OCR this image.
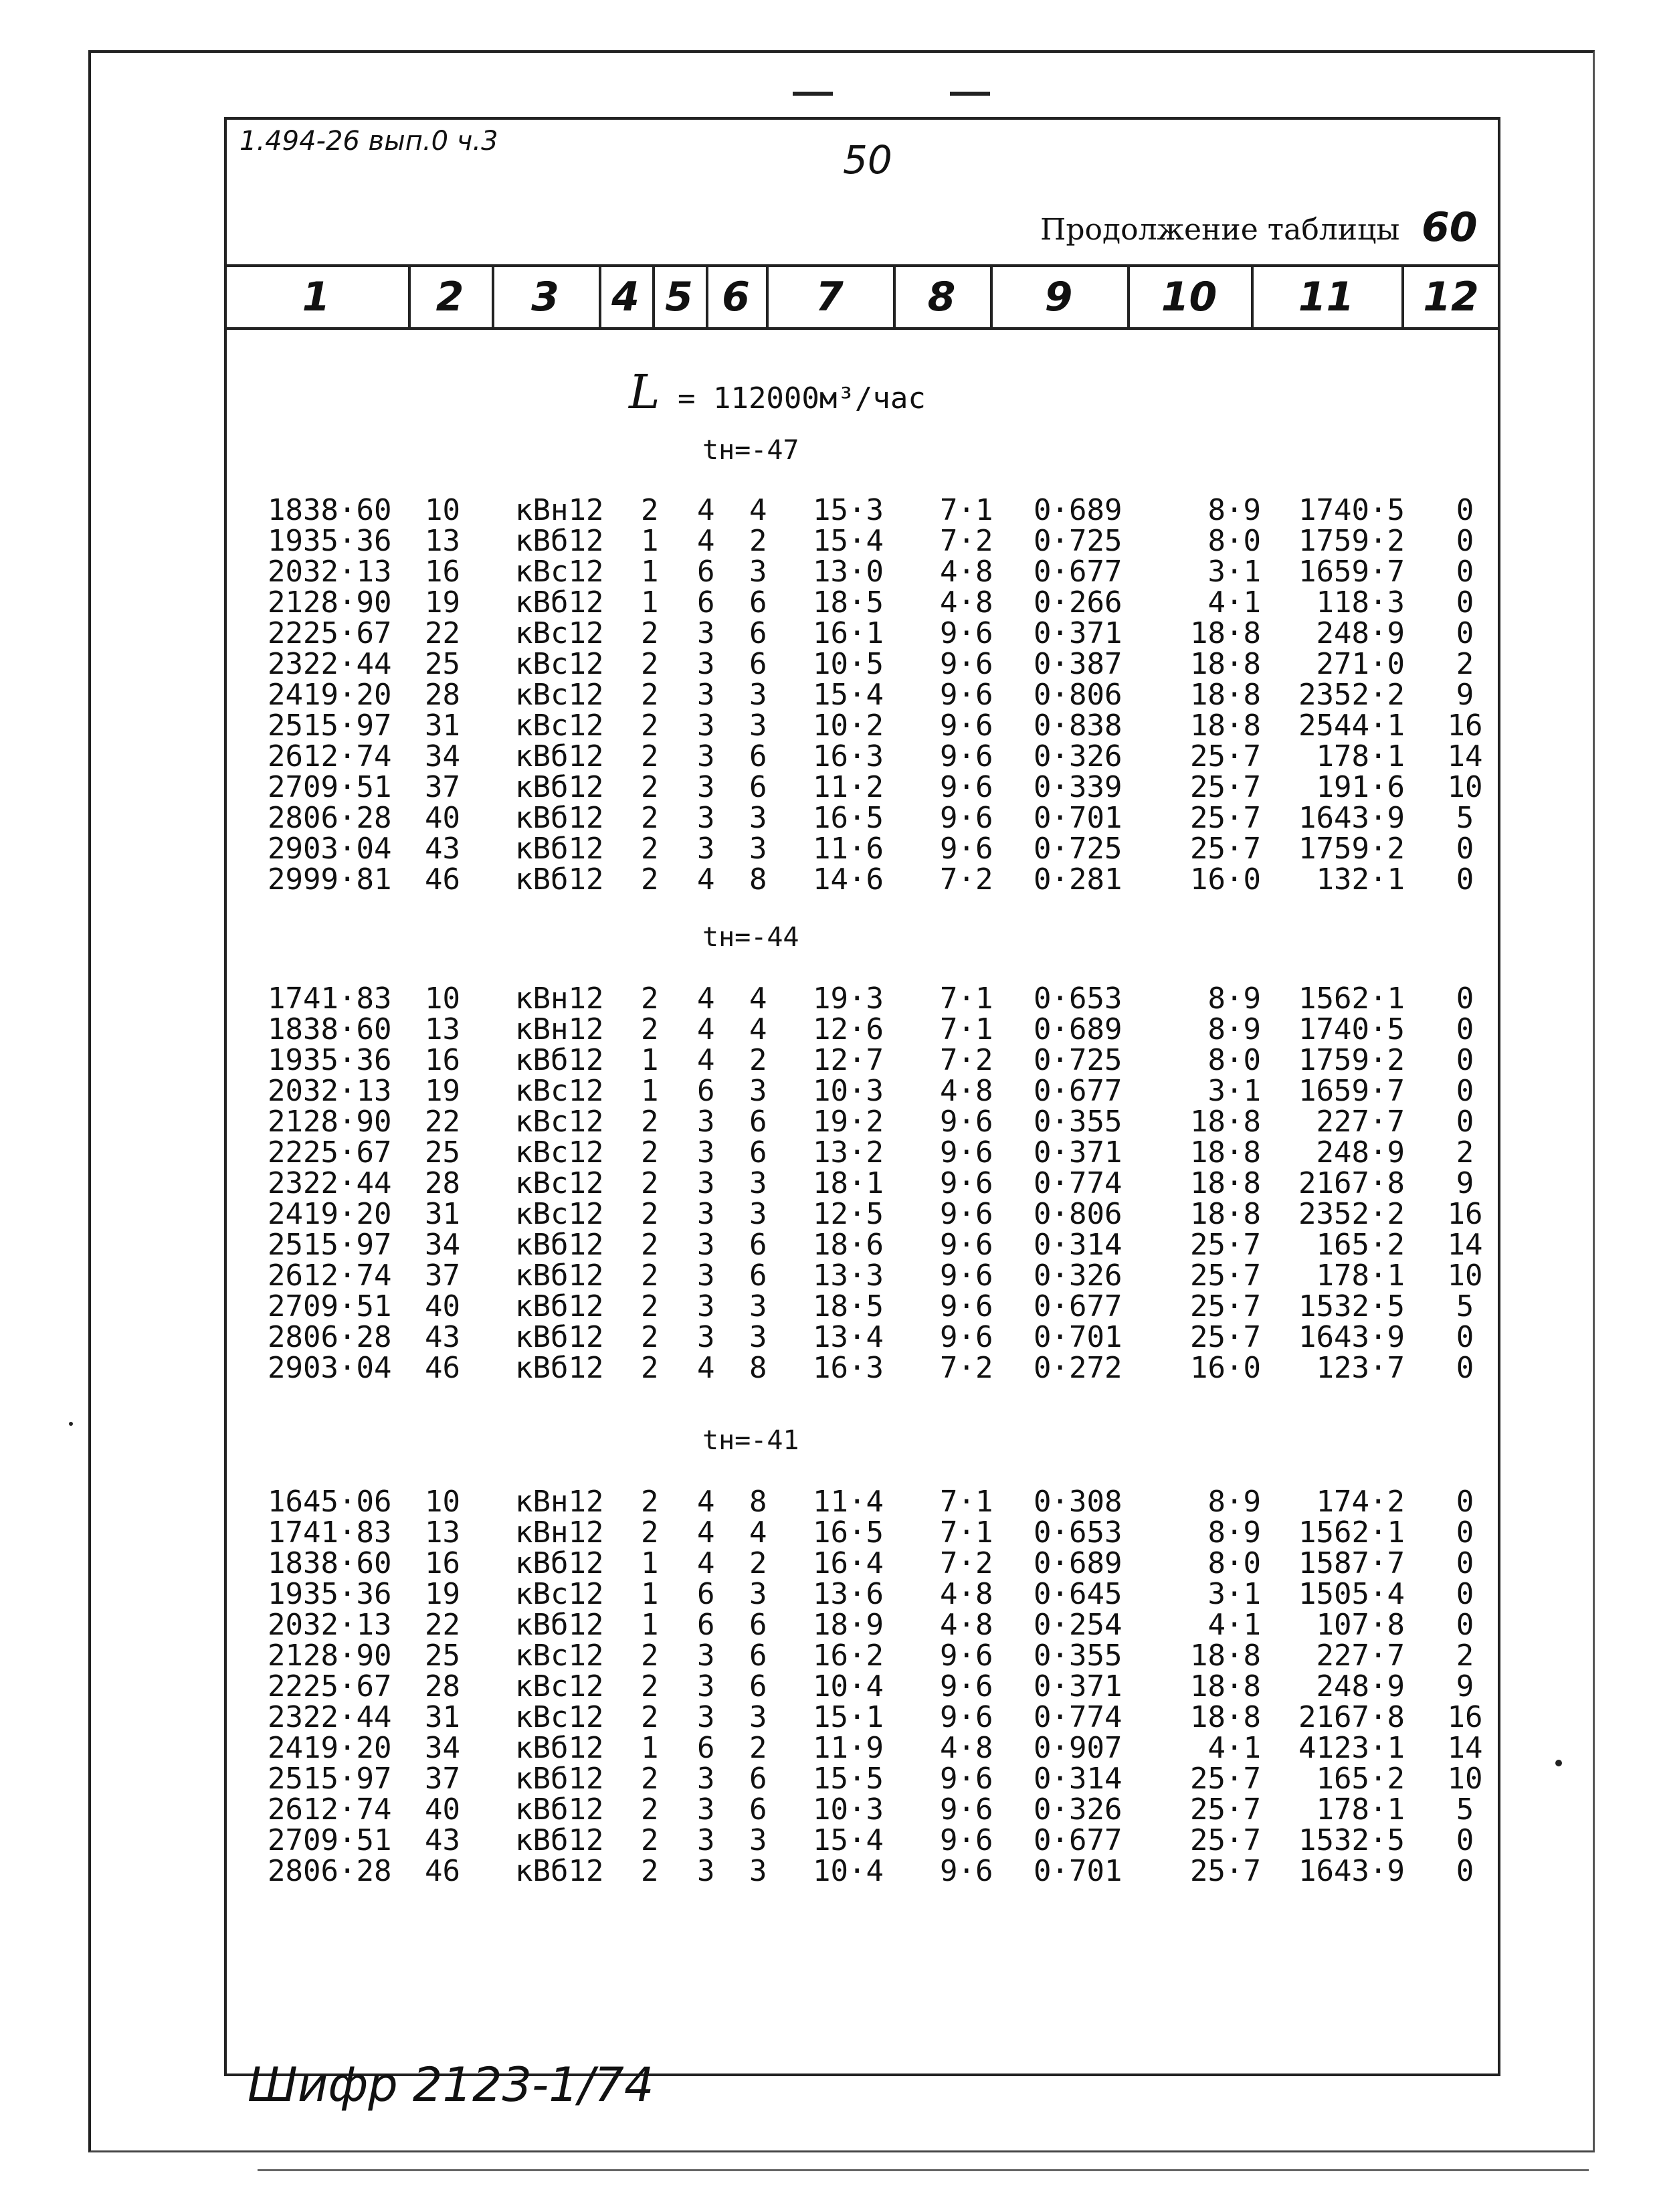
1.494-26 вып.0 ч.3	50
Продолжение таблицы 60
1	2	3	4 5 6	7	8	9	10	11	12
L = 112000м³/час
tн=-47
1838·60 10 кВн12 2 4 4 15·3 7·1 0·689	8·9	1740·5	0
1935·36 13 кВб12 1 4 2 15·4 7·2 0·725	8·0	1759·2	0
2032·13 16 кВс12 1 6 3 13·0 4·8 0·677	3·1	1659·7	0
2128·90 19 кВб12 1 6 6 18·5 4·8 0·266	4·1	118·3	0
2225·67 22 кВс12 2 3 6 16·1 9·6 0·371	18·8	248·9	0
2322·44 25 кВс12 2 3 6 10·5 9·6 0·387	18·8	271·0	2
2419·20 28 кВс12 2 3 3 15·4 9·6 0·806	18·8	2352·2	9
2515·97 31 кВс12 2 3 3 10·2 9·6 0·838	18·8	2544·1 16
2612·74 34 кВб12 2 3 6 16·3 9·6 0·326	25·7	178·1 14
2709·51 37 кВб12 2 3 6 11·2 9·6 0·339	25·7	191·6 10
2806·28 40 кВб12 2 3 3 16·5 9·6 0·701	25·7	1643·9	5
2903·04 43 кВб12 2 3 3 11·6 9·6 0·725	25·7	1759·2	0
2999·81 46 кВб12 2 4 8 14·6 7·2 0·281	16·0	132·1	0
tн=-44
1741·83 10 кВн12 2 4 4 19·3 7·1 0·653	8·9	1562·1	0
1838·60 13 кВн12 2 4 4 12·6 7·1 0·689	8·9	1740·5	0
1935·36 16 кВб12 1 4 2 12·7 7·2 0·725	8·0	1759·2	0
2032·13 19 кВс12 1 6 3 10·3 4·8 0·677	3·1	1659·7	0
2128·90 22 кВс12 2 3 6 19·2 9·6 0·355	18·8	227·7	0
2225·67 25 кВс12 2 3 6 13·2 9·6 0·371	18·8	248·9	2
2322·44 28 кВс12 2 3 3 18·1 9·6 0·774	18·8	2167·8	9
2419·20 31 кВс12 2 3 3 12·5 9·6 0·806	18·8	2352·2 16
2515·97 34 кВб12 2 3 6 18·6 9·6 0·314	25·7	165·2 14
2612·74 37 кВб12 2 3 6 13·3 9·6 0·326	25·7	178·1 10
2709·51 40 кВб12 2 3 3 18·5 9·6 0·677	25·7	1532·5	5
2806·28 43 кВб12 2 3 3 13·4 9·6 0·701	25·7	1643·9	0
2903·04 46 кВб12 2 4 8 16·3 7·2 0·272	16·0	123·7	0
tн=-41
1645·06 10 кВн12 2 4 8 11·4 7·1 0·308	8·9	174·2	0
1741·83 13 кВн12 2 4 4 16·5 7·1 0·653	8·9	1562·1	0
1838·60 16 кВб12 1 4 2 16·4 7·2 0·689	8·0	1587·7	0
1935·36 19 кВс12 1 6 3 13·6 4·8 0·645	3·1	1505·4	0
2032·13 22 кВб12 1 6 6 18·9 4·8 0·254	4·1	107·8	0
2128·90 25 кВс12 2 3 6 16·2 9·6 0·355	18·8	227·7	2
2225·67 28 кВс12 2 3 6 10·4 9·6 0·371	18·8	248·9	9
2322·44 31 кВс12 2 3 3 15·1 9·6 0·774	18·8	2167·8 16
2419·20 34 кВб12 1 6 2 11·9 4·8 0·907	4·1	4123·1 14
2515·97 37 кВб12 2 3 6 15·5 9·6 0·314	25·7	165·2 10
2612·74 40 кВб12 2 3 6 10·3 9·6 0·326	25·7	178·1	5
2709·51 43 кВб12 2 3 3 15·4 9·6 0·677	25·7	1532·5	0
2806·28 46 кВб12 2 3 3 10·4 9·6 0·701	25·7	1643·9	0
Шифр 2123-1/74
